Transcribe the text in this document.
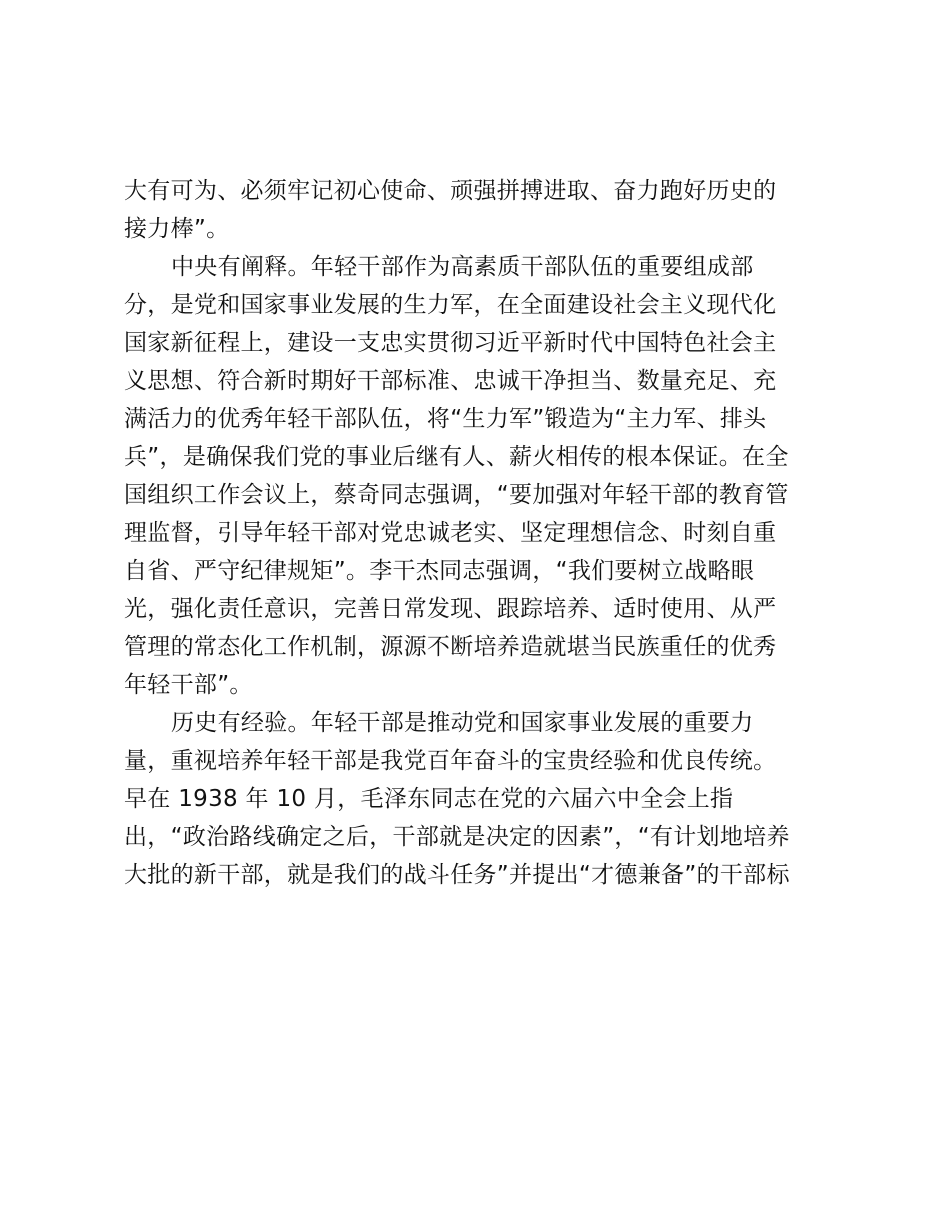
大有可为、必须牢记初心使命、顽强拼搏进取、奋力跑好历史的
接力棒”。
中央有阐释。年轻干部作为高素质干部队伍的重要组成部
分，是党和国家事业发展的生力军，在全面建设社会主义现代化
国家新征程上，建设一支忠实贯彻习近平新时代中国特色社会主
义思想、符合新时期好干部标准、忠诚干净担当、数量充足、充
满活力的优秀年轻干部队伍，将“生力军”锻造为“主力军、排头
兵”，是确保我们党的事业后继有人、薪火相传的根本保证。在全
国组织工作会议上，蔡奇同志强调，“要加强对年轻干部的教育管
理监督，引导年轻干部对党忠诚老实、坚定理想信念、时刻自重
自省、严守纪律规矩”。李干杰同志强调，“我们要树立战略眼
光，强化责任意识，完善日常发现、跟踪培养、适时使用、从严
管理的常态化工作机制，源源不断培养造就堪当民族重任的优秀
年轻干部”。
历史有经验。年轻干部是推动党和国家事业发展的重要力
量，重视培养年轻干部是我党百年奋斗的宝贵经验和优良传统。
早在 1938 年 10 月，毛泽东同志在党的六届六中全会上指
出，“政治路线确定之后，干部就是决定的因素”，“有计划地培养
大批的新干部，就是我们的战斗任务”并提出“才德兼备”的干部标
